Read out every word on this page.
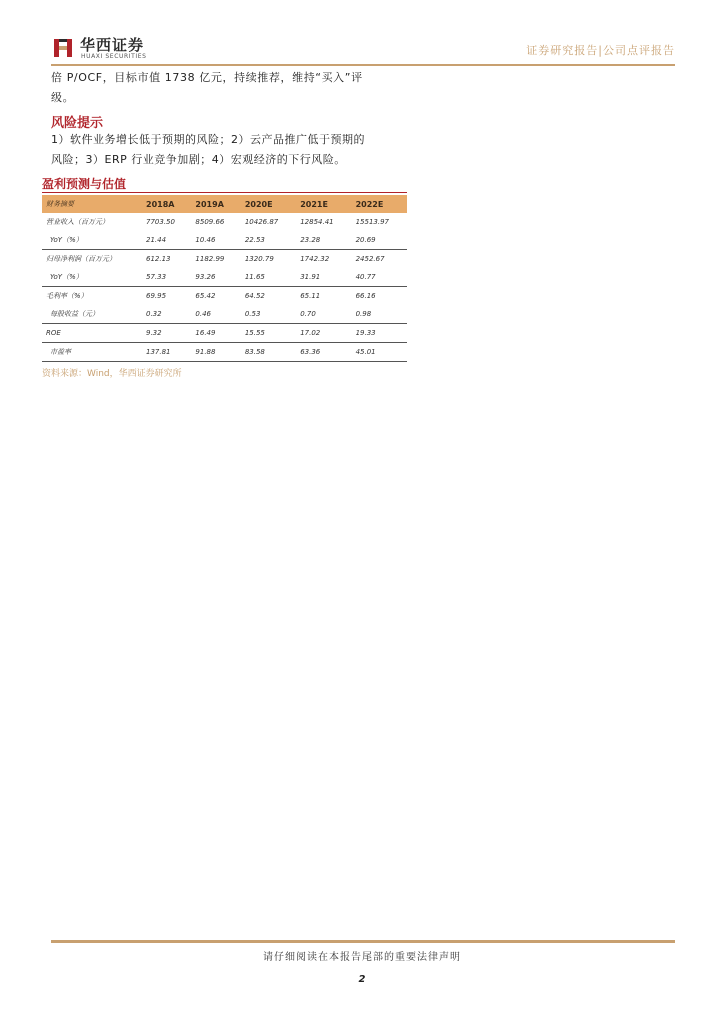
华西证券
HUAXI SECURITIES	证券研究报告|公司点评报告
倍 P/OCF，目标市值 1738 亿元，持续推荐，维持“买入”评
级。
风险提示
1）软件业务增长低于预期的风险；2）云产品推广低于预期的
风险；3）ERP 行业竞争加剧；4）宏观经济的下行风险。
盈利预测与估值
财务摘要	2018A	2019A	2020E	2021E	2022E
营业收入（百万元）	7703.50	8509.66	10426.87	12854.41	15513.97
YoY（%）	21.44	10.46	22.53	23.28	20.69
归母净利润（百万元）	612.13	1182.99	1320.79	1742.32	2452.67
YoY（%）	57.33	93.26	11.65	31.91	40.77
毛利率（%）	69.95	65.42	64.52	65.11	66.16
每股收益（元）	0.32	0.46	0.53	0.70	0.98
ROE	9.32	16.49	15.55	17.02	19.33
市盈率	137.81	91.88	83.58	63.36	45.01
资料来源：Wind，华西证券研究所
请仔细阅读在本报告尾部的重要法律声明
2
